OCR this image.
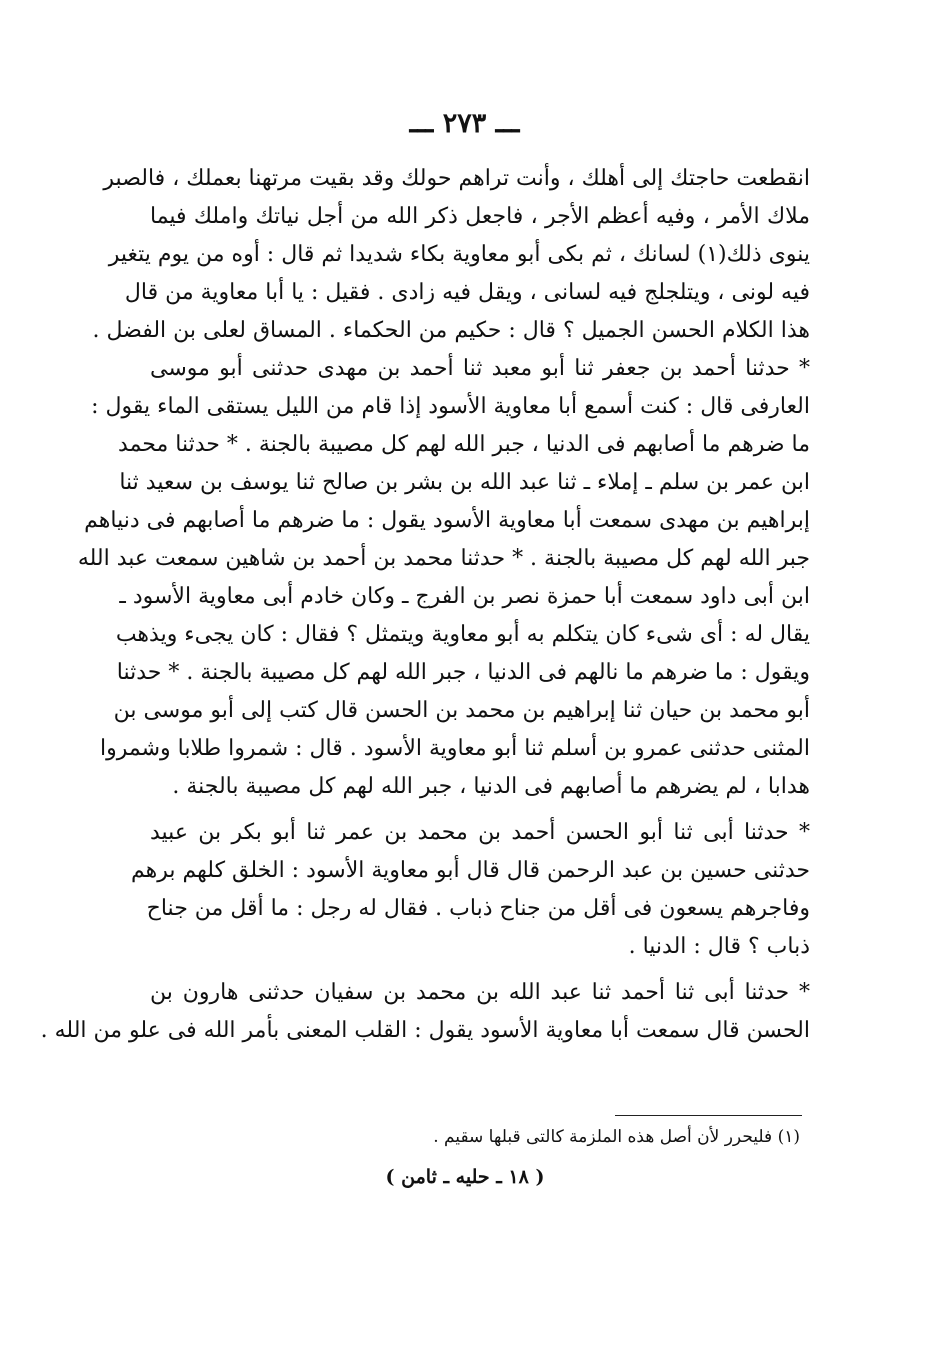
ـــ ٢٧٣ ـــ
انقطعت حاجتك إلى أهلك ، وأنت تراهم حولك وقد بقيت مرتهنا بعملك ، فالصبر
ملاك الأمر ، وفيه أعظم الأجر ، فاجعل ذكر الله من أجل نياتك واملك فيما
ينوى ذلك(١) لسانك ، ثم بكى أبو معاوية بكاء شديدا ثم قال : أوه من يوم يتغير
فيه لونى ، ويتلجلج فيه لسانى ، ويقل فيه زادى . فقيل : يا أبا معاوية من قال
هذا الكلام الحسن الجميل ؟ قال : حكيم من الحكماء . المساق لعلى بن الفضل .
* حدثنا أحمد بن جعفر ثنا أبو معبد ثنا أحمد بن مهدى حدثنى أبو موسى
العارفى قال : كنت أسمع أبا معاوية الأسود إذا قام من الليل يستقى الماء يقول :
ما ضرهم ما أصابهم فى الدنيا ، جبر الله لهم كل مصيبة بالجنة . * حدثنا محمد
ابن عمر بن سلم ـ إملاء ـ ثنا عبد الله بن بشر بن صالح ثنا يوسف بن سعيد ثنا
إبراهيم بن مهدى سمعت أبا معاوية الأسود يقول : ما ضرهم ما أصابهم فى دنياهم
جبر الله لهم كل مصيبة بالجنة . * حدثنا محمد بن أحمد بن شاهين سمعت عبد الله
ابن أبى داود سمعت أبا حمزة نصر بن الفرج ـ وكان خادم أبى معاوية الأسود ـ
يقال له : أى شىء كان يتكلم به أبو معاوية ويتمثل ؟ فقال : كان يجىء ويذهب
ويقول : ما ضرهم ما نالهم فى الدنيا ، جبر الله لهم كل مصيبة بالجنة . * حدثنا
أبو محمد بن حيان ثنا إبراهيم بن محمد بن الحسن قال كتب إلى أبو موسى بن
المثنى حدثنى عمرو بن أسلم ثنا أبو معاوية الأسود . قال : شمروا طلابا وشمروا
هدابا ، لم يضرهم ما أصابهم فى الدنيا ، جبر الله لهم كل مصيبة بالجنة .
* حدثنا أبى ثنا أبو الحسن أحمد بن محمد بن عمر ثنا أبو بكر بن عبيد
حدثنى حسين بن عبد الرحمن قال قال أبو معاوية الأسود : الخلق كلهم برهم
وفاجرهم يسعون فى أقل من جناح ذباب . فقال له رجل : ما أقل من جناح
ذباب ؟ قال : الدنيا .
* حدثنا أبى ثنا أحمد ثنا عبد الله بن محمد بن سفيان حدثنى هارون بن
الحسن قال سمعت أبا معاوية الأسود يقول : القلب المعنى بأمر الله فى علو من الله .
(١) فليحرر لأن أصل هذه الملزمة كالتى قبلها سقيم .
( ١٨ ـ حليه ـ ثامن )
